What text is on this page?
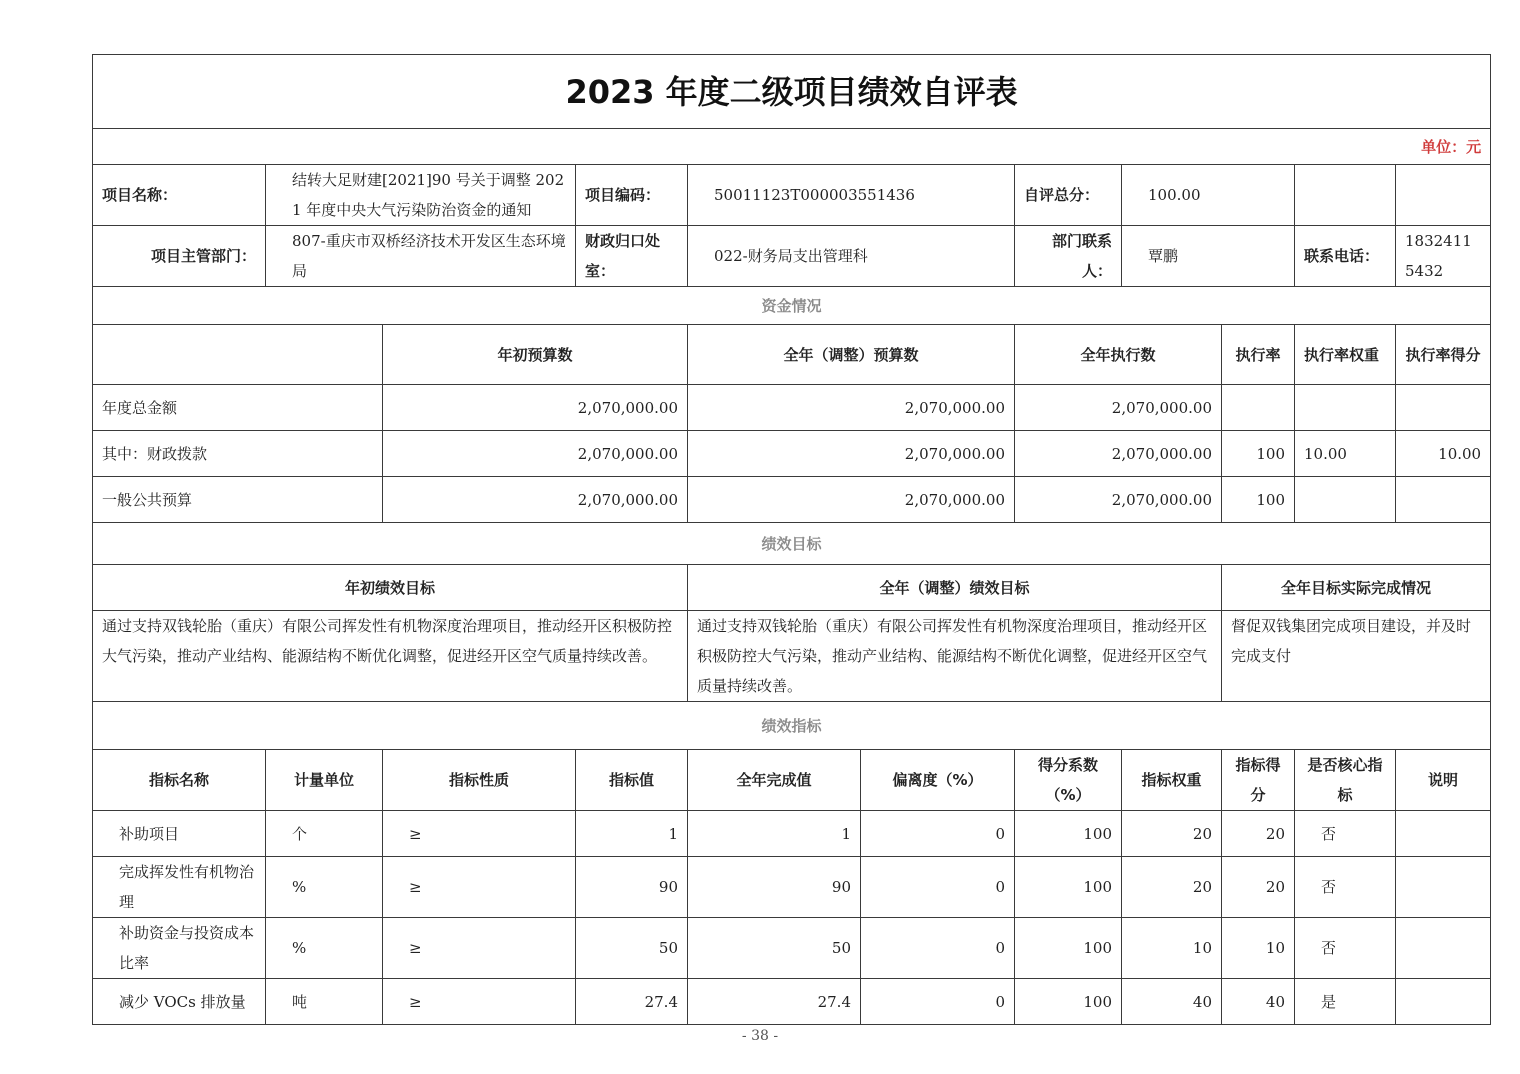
2023 年度二级项目绩效自评表										
单位：元										
项目名称：	结转大足财建[2021]90 号关于调整 2021 年度中央大气污染防治资金的通知		项目编码：	50011123T000003551436		自评总分：	100.00			
项目主管部门：	807-重庆市双桥经济技术开发区生态环境局		财政归口处室：	022-财务局支出管理科		部门联系人：	覃鹏		联系电话：	18324115432
资金情况										
		年初预算数		全年（调整）预算数		全年执行数		执行率	执行率权重	执行率得分
年度总金额		2,070,000.00		2,070,000.00		2,070,000.00				
其中：财政拨款		2,070,000.00		2,070,000.00		2,070,000.00		100	10.00	10.00
一般公共预算		2,070,000.00		2,070,000.00		2,070,000.00		100		
绩效目标										
年初绩效目标				全年（调整）绩效目标				全年目标实际完成情况		
通过支持双钱轮胎（重庆）有限公司挥发性有机物深度治理项目，推动经开区积极防控大气污染，推动产业结构、能源结构不断优化调整，促进经开区空气质量持续改善。				通过支持双钱轮胎（重庆）有限公司挥发性有机物深度治理项目，推动经开区积极防控大气污染，推动产业结构、能源结构不断优化调整，促进经开区空气质量持续改善。				督促双钱集团完成项目建设，并及时完成支付		
绩效指标										
指标名称	计量单位	指标性质	指标值	全年完成值	偏离度（%）	得分系数（%）	指标权重	指标得分	是否核心指标	说明
补助项目	个	≥	1	1	0	100	20	20	否	
完成挥发性有机物治理	%	≥	90	90	0	100	20	20	否	
补助资金与投资成本比率	%	≥	50	50	0	100	10	10	否	
减少 VOCs 排放量	吨	≥	27.4	27.4	0	100	40	40	是	
- 38 -
